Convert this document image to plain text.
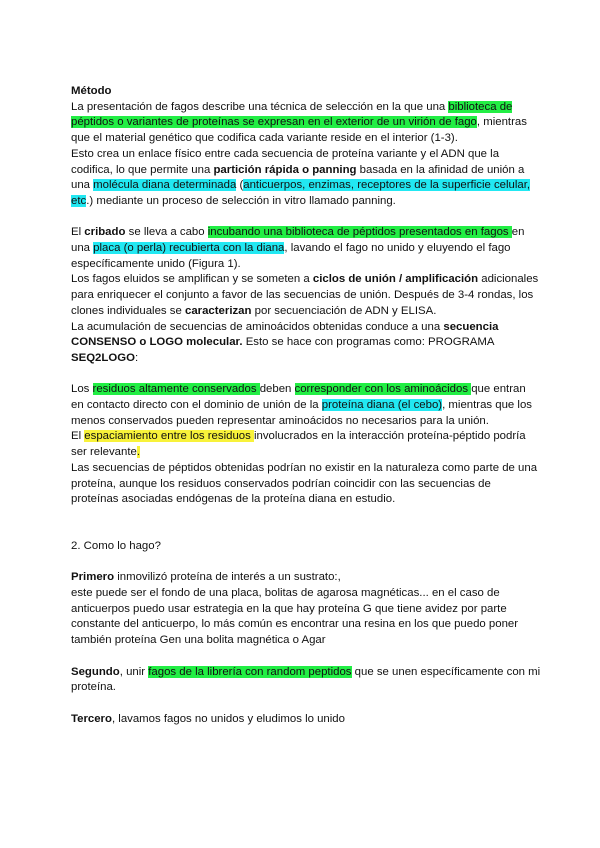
Método
La presentación de fagos describe una técnica de selección en la que una biblioteca de péptidos o variantes de proteínas se expresan en el exterior de un virión de fago, mientras que el material genético que codifica cada variante reside en el interior (1-3).
Esto crea un enlace físico entre cada secuencia de proteína variante y el ADN que la codifica, lo que permite una partición rápida o panning basada en la afinidad de unión a una molécula diana determinada (anticuerpos, enzimas, receptores de la superficie celular, etc.) mediante un proceso de selección in vitro llamado panning.
El cribado se lleva a cabo incubando una biblioteca de péptidos presentados en fagos en una placa (o perla) recubierta con la diana, lavando el fago no unido y eluyendo el fago específicamente unido (Figura 1).
Los fagos eluidos se amplifican y se someten a ciclos de unión / amplificación adicionales para enriquecer el conjunto a favor de las secuencias de unión. Después de 3-4 rondas, los clones individuales se caracterizan por secuenciación de ADN y ELISA.
La acumulación de secuencias de aminoácidos obtenidas conduce a una secuencia CONSENSO o LOGO molecular. Esto se hace con programas como: PROGRAMA SEQ2LOGO:
Los residuos altamente conservados deben corresponder con los aminoácidos que entran en contacto directo con el dominio de unión de la proteína diana (el cebo), mientras que los menos conservados pueden representar aminoácidos no necesarios para la unión.
El espaciamiento entre los residuos involucrados en la interacción proteína-péptido podría ser relevante.
Las secuencias de péptidos obtenidas podrían no existir en la naturaleza como parte de una proteína, aunque los residuos conservados podrían coincidir con las secuencias de proteínas asociadas endógenas de la proteína diana en estudio.
2. Como lo hago?
Primero inmovilizó proteína de interés a un sustrato:,
este puede ser el fondo de una placa, bolitas de agarosa magnéticas... en el caso de anticuerpos puedo usar estrategia en la que hay proteína G que tiene avidez por parte constante del anticuerpo, lo más común es encontrar una resina en los que puedo poner también proteína Gen una bolita magnética o Agar
Segundo, unir fagos de la librería con random peptidos que se unen específicamente con mi proteína.
Tercero, lavamos fagos no unidos y eludimos lo unido
